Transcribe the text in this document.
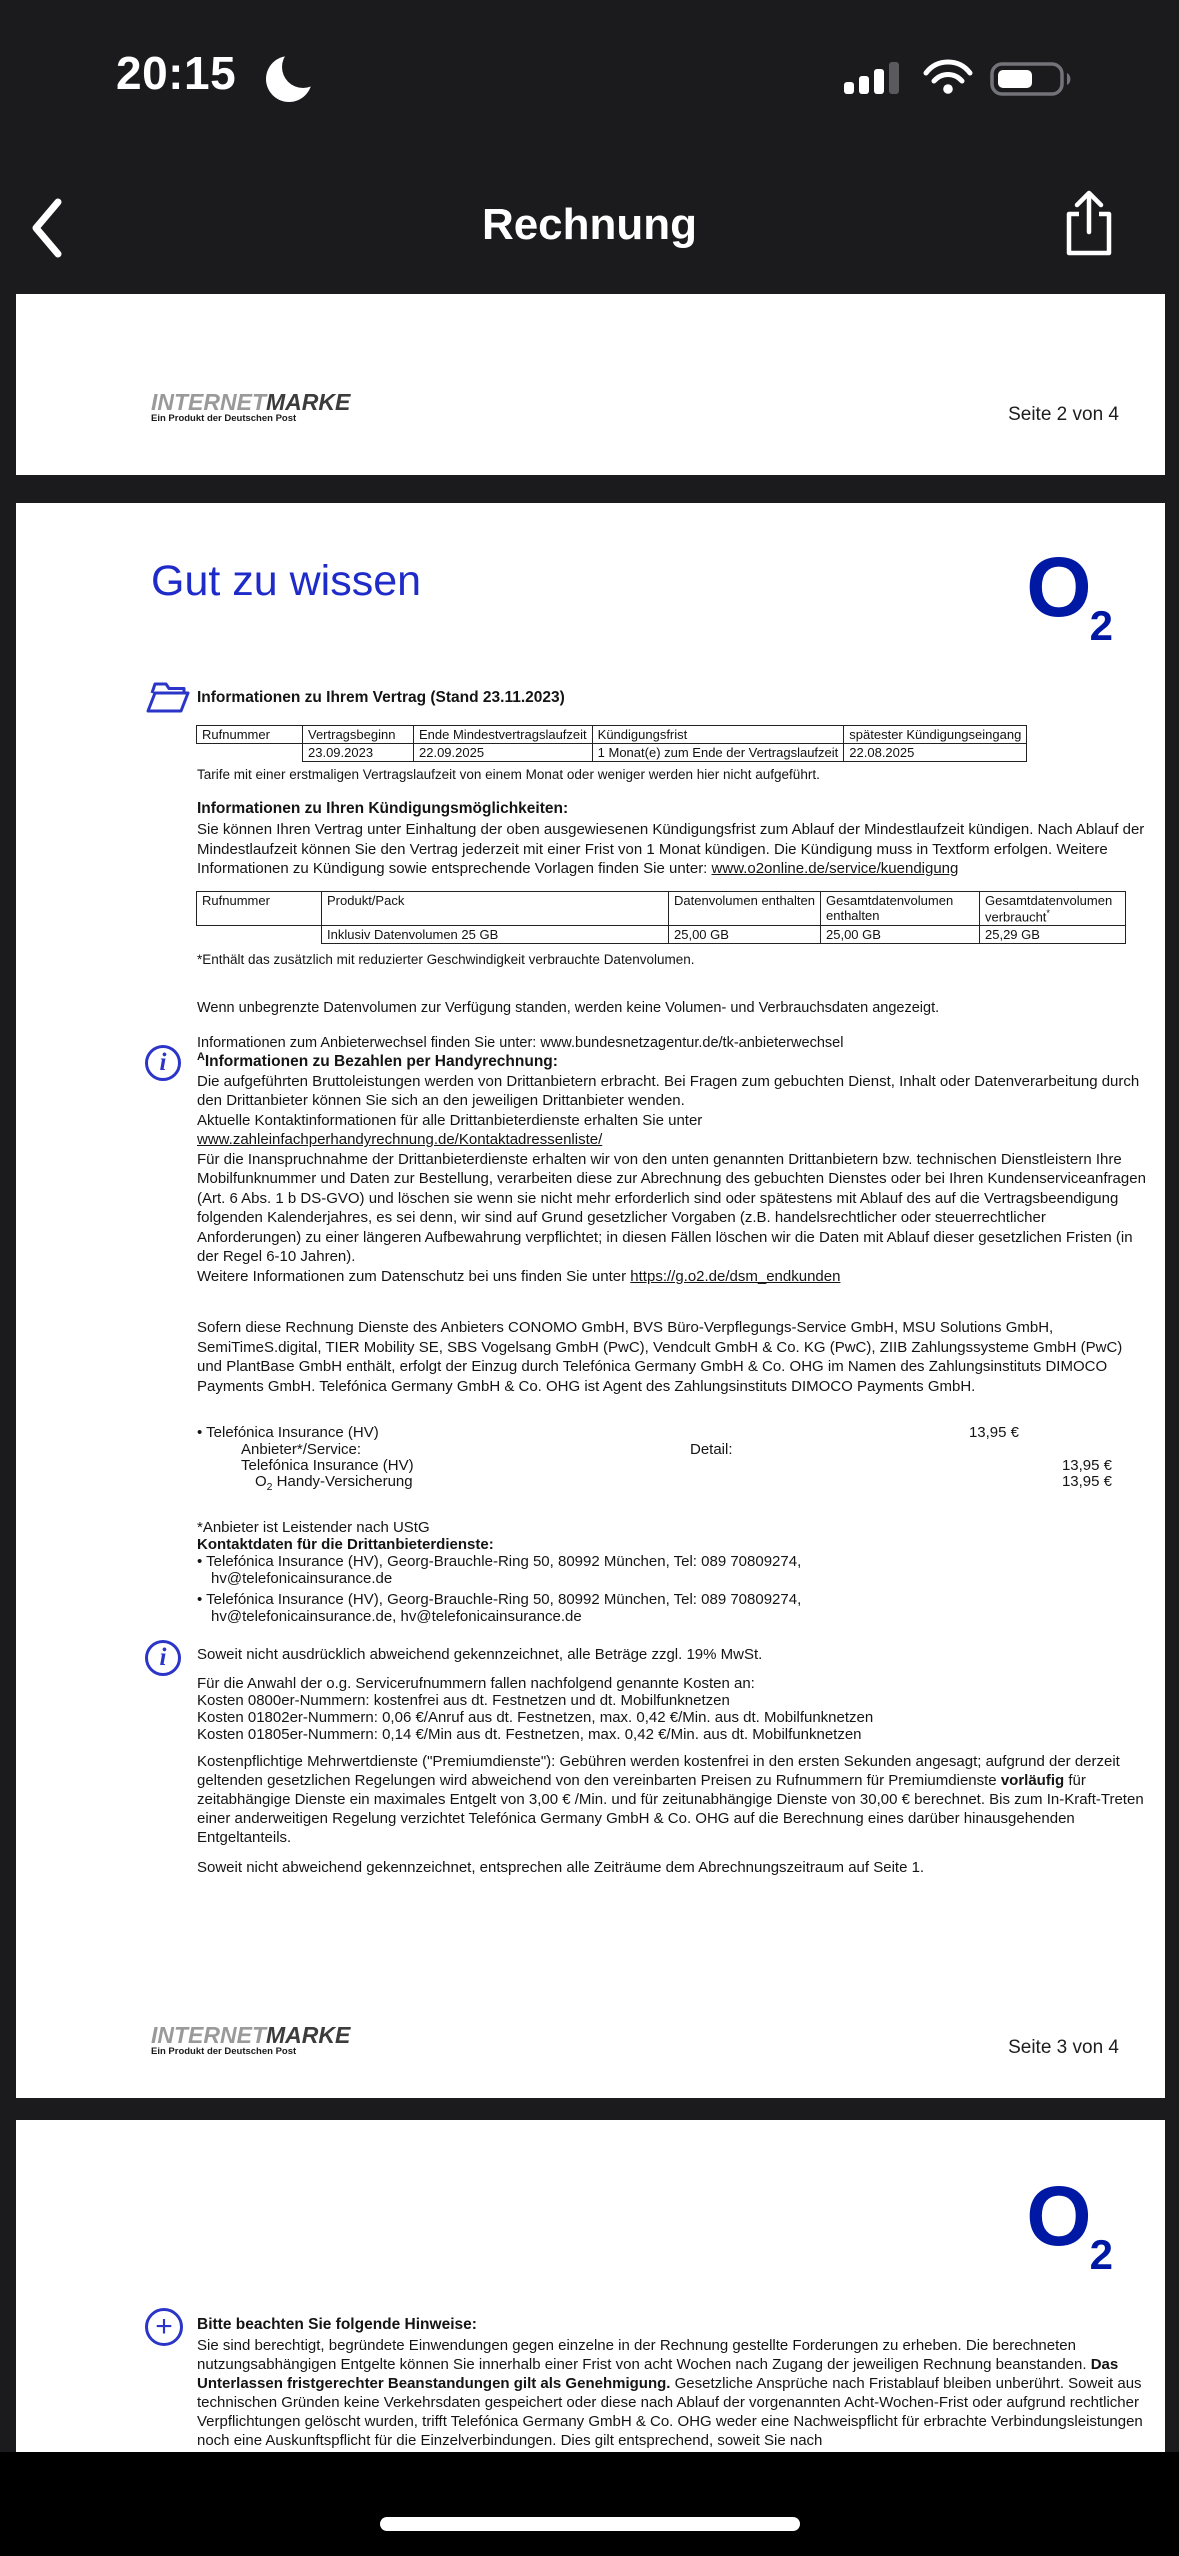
20:15
Rechnung
INTERNETMARKE
Ein Produkt der Deutschen Post	Seite 2 von 4
Gut zu wissen	O2
Informationen zu Ihrem Vertrag (Stand 23.11.2023)
Rufnummer	Vertragsbeginn	Ende Mindestvertragslaufzeit	Kündigungsfrist	spätester Kündigungseingang
	23.09.2023	22.09.2025	1 Monat(e) zum Ende der Vertragslaufzeit	22.08.2025
Tarife mit einer erstmaligen Vertragslaufzeit von einem Monat oder weniger werden hier nicht aufgeführt.
Informationen zu Ihren Kündigungsmöglichkeiten:
Sie können Ihren Vertrag unter Einhaltung der oben ausgewiesenen Kündigungsfrist zum Ablauf der Mindestlaufzeit kündigen. Nach Ablauf der Mindestlaufzeit können Sie den Vertrag jederzeit mit einer Frist von 1 Monat kündigen. Die Kündigung muss in Textform erfolgen. Weitere Informationen zu Kündigung sowie entsprechende Vorlagen finden Sie unter: www.o2online.de/service/kuendigung
Rufnummer	Produkt/Pack	Datenvolumen enthalten	Gesamtdatenvolumen enthalten	Gesamtdatenvolumen verbraucht*
	Inklusiv Datenvolumen 25 GB	25,00 GB	25,00 GB	25,29 GB
*Enthält das zusätzlich mit reduzierter Geschwindigkeit verbrauchte Datenvolumen.
Wenn unbegrenzte Datenvolumen zur Verfügung standen, werden keine Volumen- und Verbrauchsdaten angezeigt.
Informationen zum Anbieterwechsel finden Sie unter: www.bundesnetzagentur.de/tk-anbieterwechsel
i	$^A$Informationen zu Bezahlen per Handyrechnung:
Die aufgeführten Bruttoleistungen werden von Drittanbietern erbracht. Bei Fragen zum gebuchten Dienst, Inhalt oder Datenverarbeitung durch den Drittanbieter können Sie sich an den jeweiligen Drittanbieter wenden.
Aktuelle Kontaktinformationen für alle Drittanbieterdienste erhalten Sie unter
www.zahleinfachperhandyrechnung.de/Kontaktadressenliste/
Für die Inanspruchnahme der Drittanbieterdienste erhalten wir von den unten genannten Drittanbietern bzw. technischen Dienstleistern Ihre Mobilfunknummer und Daten zur Bestellung, verarbeiten diese zur Abrechnung des gebuchten Dienstes oder bei Ihren Kundenserviceanfragen (Art. 6 Abs. 1 b DS-GVO) und löschen sie wenn sie nicht mehr erforderlich sind oder spätestens mit Ablauf des auf die Vertragsbeendigung folgenden Kalenderjahres, es sei denn, wir sind auf Grund gesetzlicher Vorgaben (z.B. handelsrechtlicher oder steuerrechtlicher Anforderungen) zu einer längeren Aufbewahrung verpflichtet; in diesen Fällen löschen wir die Daten mit Ablauf dieser gesetzlichen Fristen (in der Regel 6-10 Jahren).
Weitere Informationen zum Datenschutz bei uns finden Sie unter https://g.o2.de/dsm_endkunden
Sofern diese Rechnung Dienste des Anbieters CONOMO GmbH, BVS Büro-Verpflegungs-Service GmbH, MSU Solutions GmbH, SemiTimeS.digital, TIER Mobility SE, SBS Vogelsang GmbH (PwC), Vendcult GmbH & Co. KG (PwC), ZIIB Zahlungssysteme GmbH (PwC) und PlantBase GmbH enthält, erfolgt der Einzug durch Telefónica Germany GmbH & Co. OHG im Namen des Zahlungsinstituts DIMOCO Payments GmbH. Telefónica Germany GmbH & Co. OHG ist Agent des Zahlungsinstituts DIMOCO Payments GmbH.
• Telefónica Insurance (HV)	13,95 €
Anbieter*/Service:	Detail:
Telefónica Insurance (HV)	13,95 €
$O_2$ Handy-Versicherung	13,95 €
*Anbieter ist Leistender nach UStG
Kontaktdaten für die Drittanbieterdienste:
• Telefónica Insurance (HV), Georg-Brauchle-Ring 50, 80992 München, Tel: 089 70809274,
hv@telefonicainsurance.de
• Telefónica Insurance (HV), Georg-Brauchle-Ring 50, 80992 München, Tel: 089 70809274,
hv@telefonicainsurance.de, hv@telefonicainsurance.de
i	Soweit nicht ausdrücklich abweichend gekennzeichnet, alle Beträge zzgl. 19% MwSt.
Für die Anwahl der o.g. Servicerufnummern fallen nachfolgend genannte Kosten an:
Kosten 0800er-Nummern: kostenfrei aus dt. Festnetzen und dt. Mobilfunknetzen
Kosten 01802er-Nummern: 0,06 €/Anruf aus dt. Festnetzen, max. 0,42 €/Min. aus dt. Mobilfunknetzen
Kosten 01805er-Nummern: 0,14 €/Min aus dt. Festnetzen, max. 0,42 €/Min. aus dt. Mobilfunknetzen
Kostenpflichtige Mehrwertdienste ("Premiumdienste"): Gebühren werden kostenfrei in den ersten Sekunden angesagt; aufgrund der derzeit geltenden gesetzlichen Regelungen wird abweichend von den vereinbarten Preisen zu Rufnummern für Premiumdienste vorläufig für zeitabhängige Dienste ein maximales Entgelt von 3,00 € /Min. und für zeitunabhängige Dienste von 30,00 € berechnet. Bis zum In-Kraft-Treten einer anderweitigen Regelung verzichtet Telefónica Germany GmbH & Co. OHG auf die Berechnung eines darüber hinausgehenden Entgeltanteils.
Soweit nicht abweichend gekennzeichnet, entsprechen alle Zeiträume dem Abrechnungszeitraum auf Seite 1.
INTERNETMARKE
Ein Produkt der Deutschen Post	Seite 3 von 4
O2
+	Bitte beachten Sie folgende Hinweise:
Sie sind berechtigt, begründete Einwendungen gegen einzelne in der Rechnung gestellte Forderungen zu erheben. Die berechneten nutzungsabhängigen Entgelte können Sie innerhalb einer Frist von acht Wochen nach Zugang der jeweiligen Rechnung beanstanden. Das Unterlassen fristgerechter Beanstandungen gilt als Genehmigung. Gesetzliche Ansprüche nach Fristablauf bleiben unberührt. Soweit aus technischen Gründen keine Verkehrsdaten gespeichert oder diese nach Ablauf der vorgenannten Acht-Wochen-Frist oder aufgrund rechtlicher Verpflichtungen gelöscht wurden, trifft Telefónica Germany GmbH & Co. OHG weder eine Nachweispflicht für erbrachte Verbindungsleistungen noch eine Auskunftspflicht für die Einzelverbindungen. Dies gilt entsprechend, soweit Sie nach
